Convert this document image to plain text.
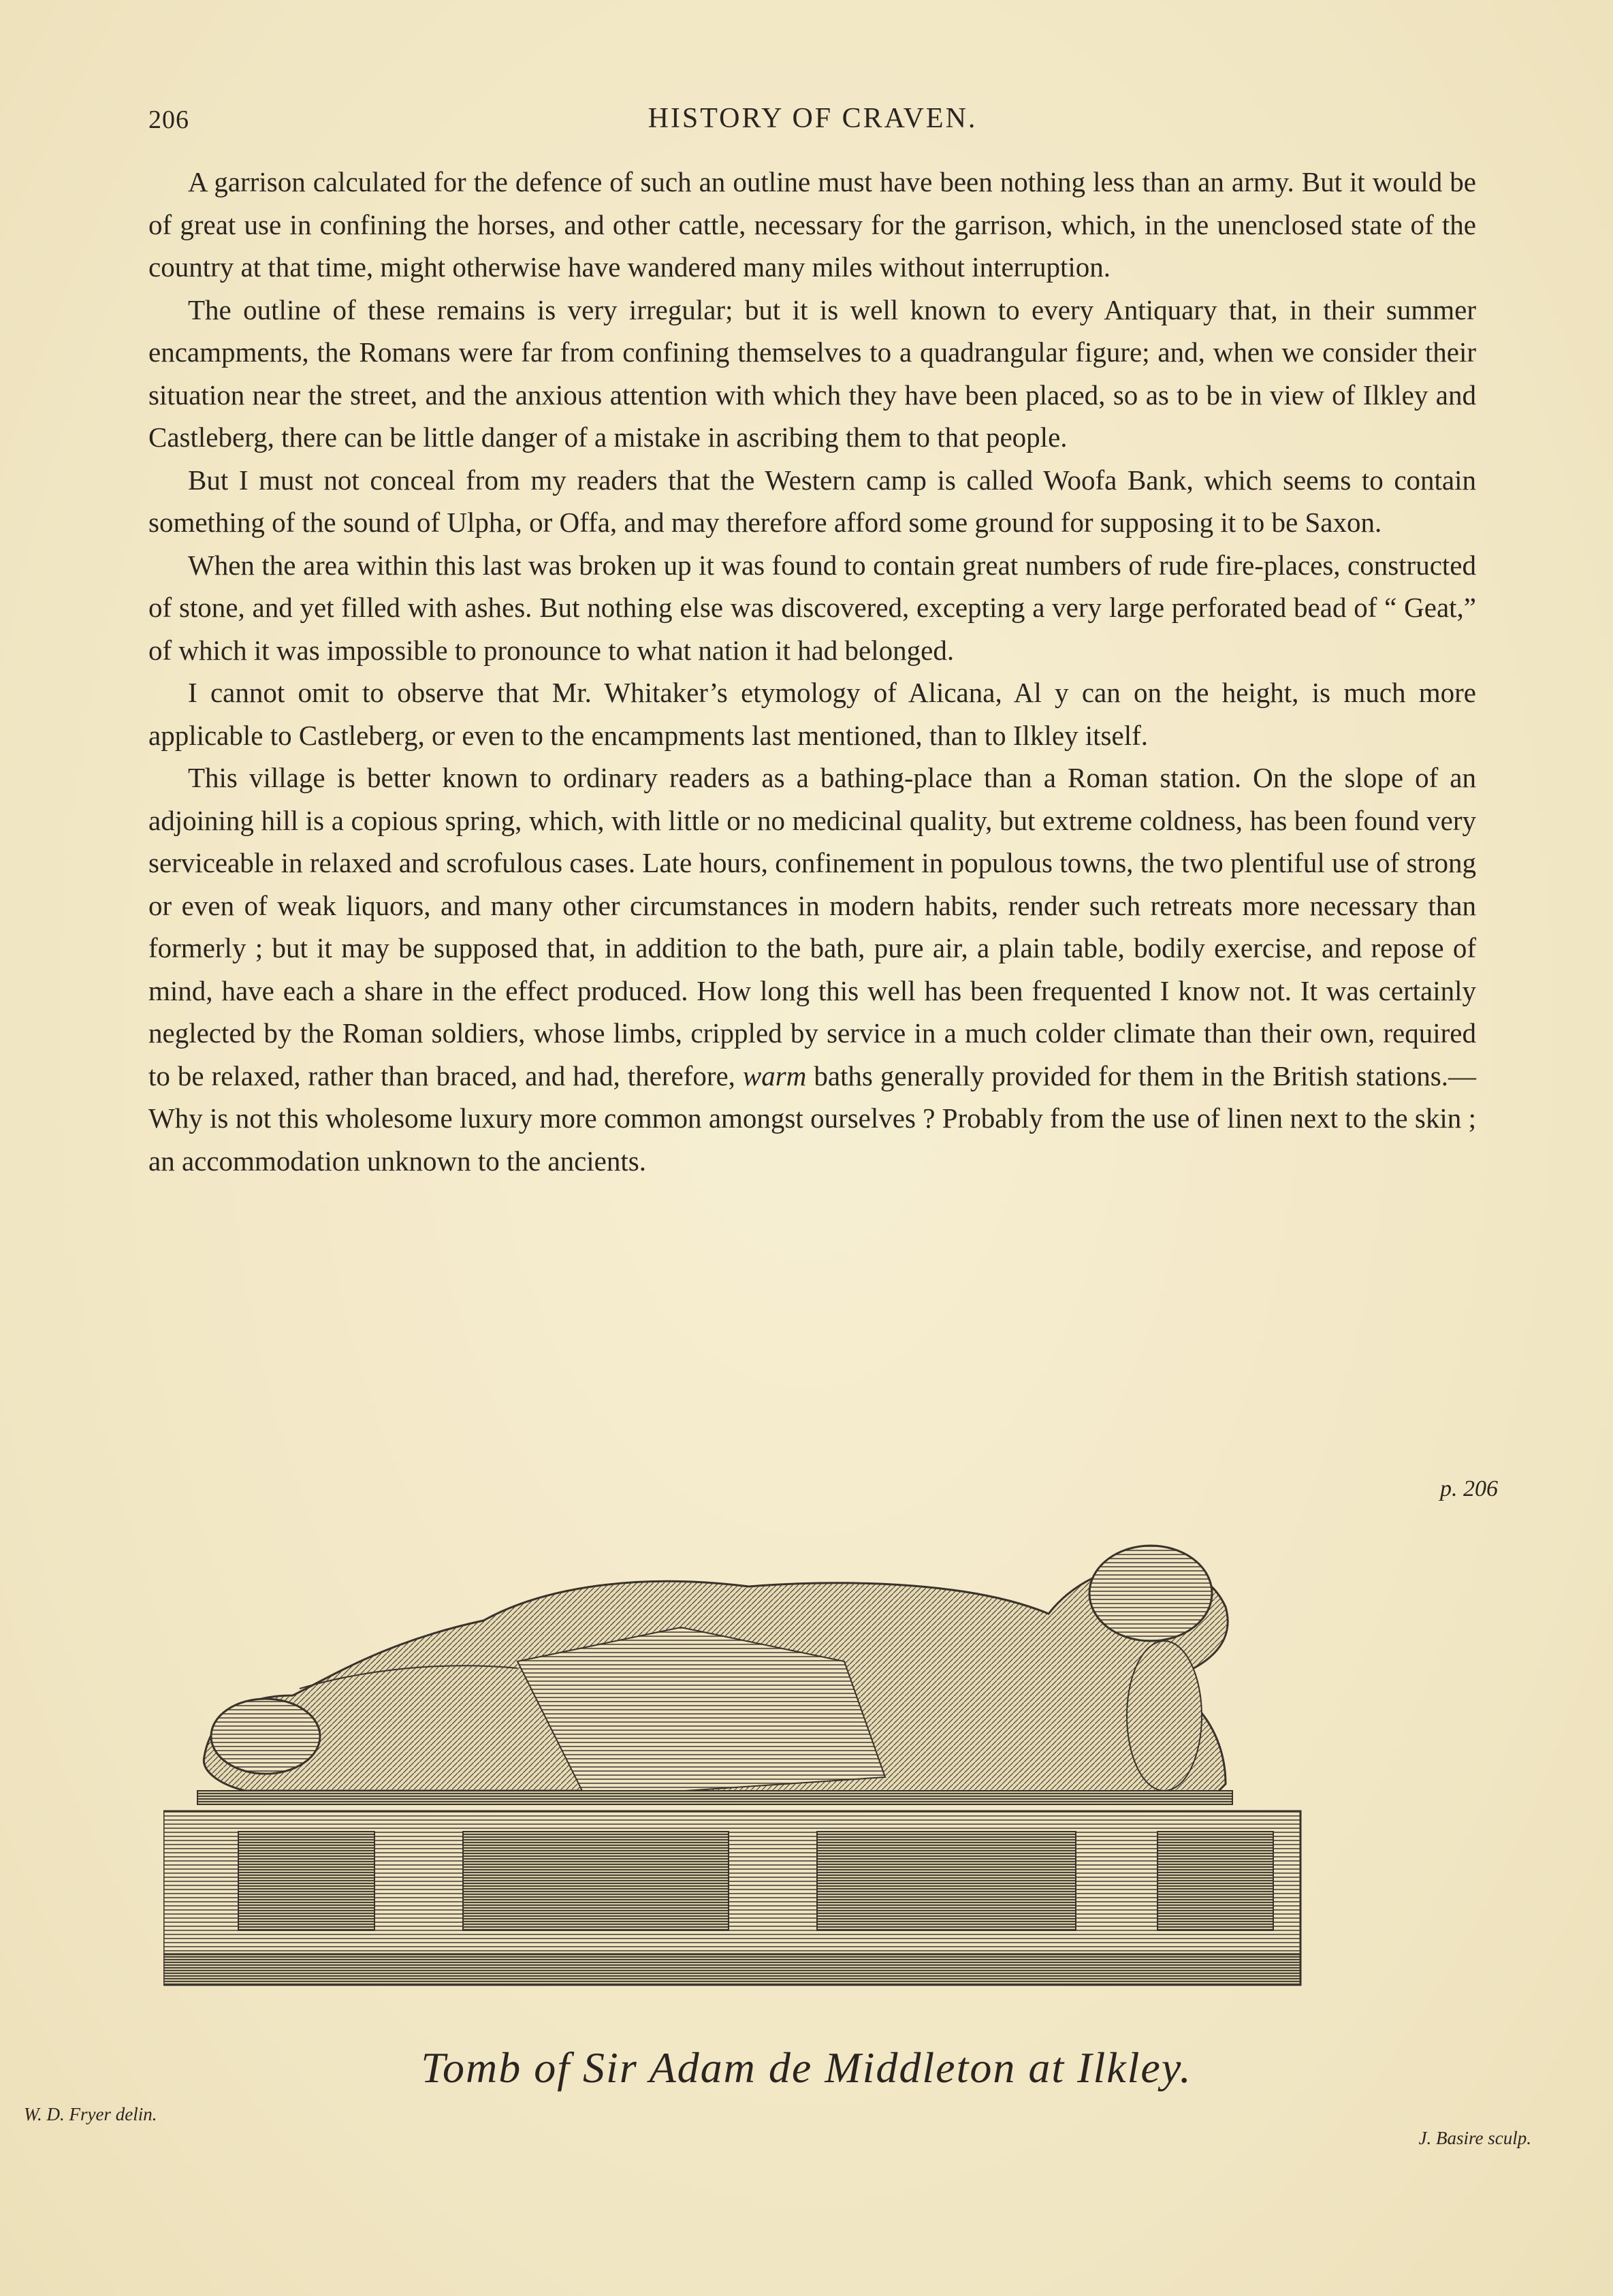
206	HISTORY OF CRAVEN.

A garrison calculated for the defence of such an outline must have been nothing less than an army. But it would be of great use in confining the horses, and other cattle, necessary for the garrison, which, in the unenclosed state of the country at that time, might otherwise have wandered many miles without interruption.

The outline of these remains is very irregular; but it is well known to every Antiquary that, in their summer encampments, the Romans were far from confining themselves to a quadrangular figure; and, when we consider their situation near the street, and the anxious attention with which they have been placed, so as to be in view of Ilkley and Castleberg, there can be little danger of a mistake in ascribing them to that people.

But I must not conceal from my readers that the Western camp is called Woofa Bank, which seems to contain something of the sound of Ulpha, or Offa, and may therefore afford some ground for supposing it to be Saxon.

When the area within this last was broken up it was found to contain great numbers of rude fire-places, constructed of stone, and yet filled with ashes. But nothing else was discovered, excepting a very large perforated bead of “ Geat,” of which it was impossible to pronounce to what nation it had belonged.

I cannot omit to observe that Mr. Whitaker’s etymology of Alicana, Al y can on the height, is much more applicable to Castleberg, or even to the encampments last mentioned, than to Ilkley itself.

This village is better known to ordinary readers as a bathing-place than a Roman station. On the slope of an adjoining hill is a copious spring, which, with little or no medicinal quality, but extreme coldness, has been found very serviceable in relaxed and scrofulous cases. Late hours, confinement in populous towns, the two plentiful use of strong or even of weak liquors, and many other circumstances in modern habits, render such retreats more necessary than formerly ; but it may be supposed that, in addition to the bath, pure air, a plain table, bodily exercise, and repose of mind, have each a share in the effect produced. How long this well has been frequented I know not. It was certainly neglected by the Roman soldiers, whose limbs, crippled by service in a much colder climate than their own, required to be relaxed, rather than braced, and had, therefore, warm baths generally provided for them in the British stations.—Why is not this wholesome luxury more common amongst ourselves ? Probably from the use of linen next to the skin ; an accommodation unknown to the ancients.

p. 206
Tomb of Sir Adam de Middleton at Ilkley.
W. D. Fryer delin.
J. Basire sculp.
